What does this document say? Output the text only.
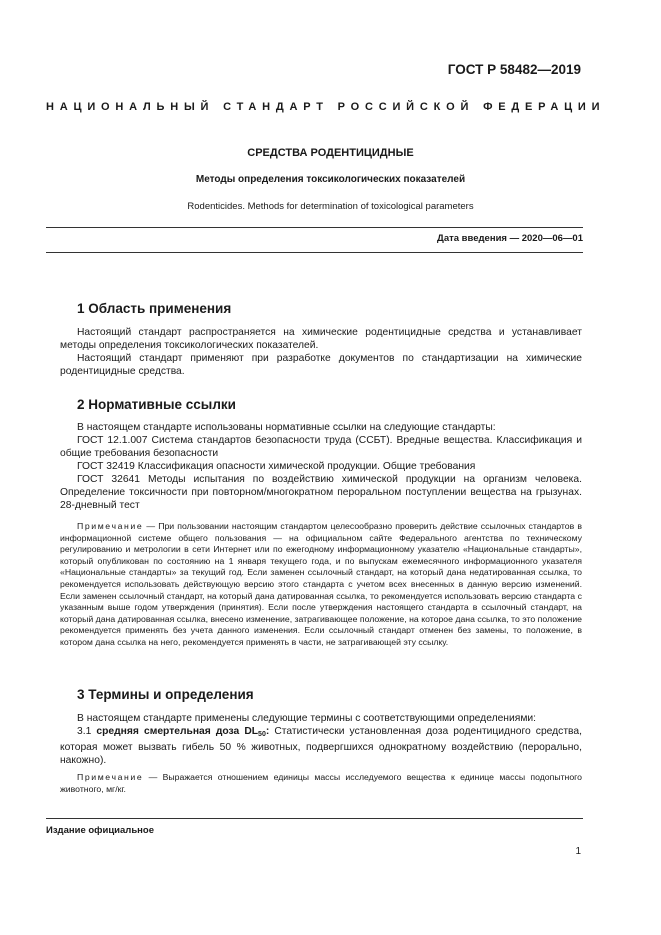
ГОСТ Р 58482—2019
НАЦИОНАЛЬНЫЙ СТАНДАРТ РОССИЙСКОЙ ФЕДЕРАЦИИ
СРЕДСТВА РОДЕНТИЦИДНЫЕ
Методы определения токсикологических показателей
Rodenticides. Methods for determination of toxicological parameters
Дата введения — 2020—06—01
1 Область применения

Настоящий стандарт распространяется на химические родентицидные средства и устанавливает методы определения токсикологических показателей.

Настоящий стандарт применяют при разработке документов по стандартизации на химические родентицидные средства.

2 Нормативные ссылки

В настоящем стандарте использованы нормативные ссылки на следующие стандарты:

ГОСТ 12.1.007 Система стандартов безопасности труда (ССБТ). Вредные вещества. Классификация и общие требования безопасности

ГОСТ 32419 Классификация опасности химической продукции. Общие требования

ГОСТ 32641 Методы испытания по воздействию химической продукции на организм человека. Определение токсичности при повторном/многократном пероральном поступлении вещества на грызунах. 28-дневный тест

Примечание — При пользовании настоящим стандартом целесообразно проверить действие ссылочных стандартов в информационной системе общего пользования — на официальном сайте Федерального агентства по техническому регулированию и метрологии в сети Интернет или по ежегодному информационному указателю «Национальные стандарты», который опубликован по состоянию на 1 января текущего года, и по выпускам ежемесячного информационного указателя «Национальные стандарты» за текущий год. Если заменен ссылочный стандарт, на который дана недатированная ссылка, то рекомендуется использовать действующую версию этого стандарта с учетом всех внесенных в данную версию изменений. Если заменен ссылочный стандарт, на который дана датированная ссылка, то рекомендуется использовать версию стандарта с указанным выше годом утверждения (принятия). Если после утверждения настоящего стандарта в ссылочный стандарт, на который дана датированная ссылка, внесено изменение, затрагивающее положение, на которое дана ссылка, то это положение рекомендуется применять без учета данного изменения. Если ссылочный стандарт отменен без замены, то положение, в котором дана ссылка на него, рекомендуется применять в части, не затрагивающей эту ссылку.

3 Термины и определения

В настоящем стандарте применены следующие термины с соответствующими определениями:

3.1 средняя смертельная доза $DL_{50}$: Статистически установленная доза родентицидного средства, которая может вызвать гибель 50 % животных, подвергшихся однократному воздействию (перорально, накожно).

Примечание — Выражается отношением единицы массы исследуемого вещества к единице массы подопытного животного, мг/кг.

Издание официальное
1
